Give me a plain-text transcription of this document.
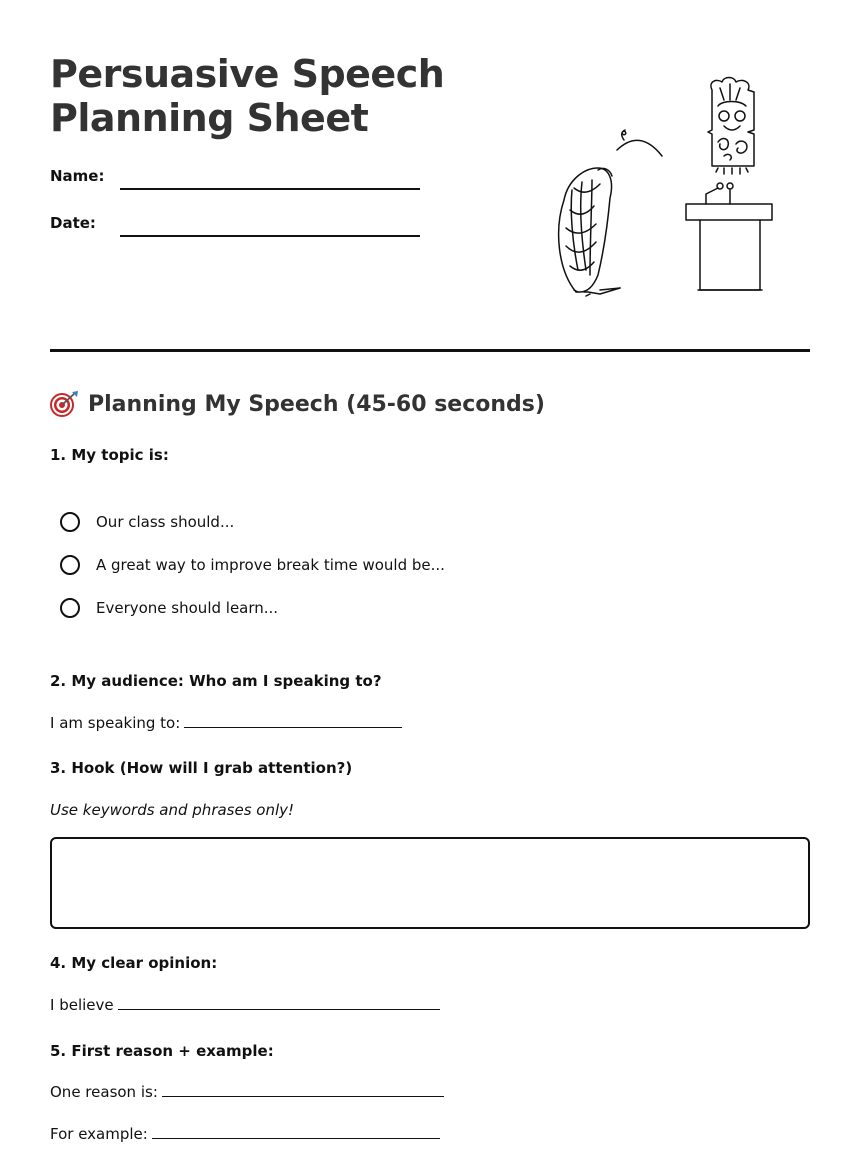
Persuasive Speech
Planning Sheet
Name:
Date:
Planning My Speech (45-60 seconds)
1. My topic is:
Our class should...
A great way to improve break time would be...
Everyone should learn...
2. My audience: Who am I speaking to?
I am speaking to:
3. Hook (How will I grab attention?)
Use keywords and phrases only!
4. My clear opinion:
I believe
5. First reason + example:
One reason is:
For example:
